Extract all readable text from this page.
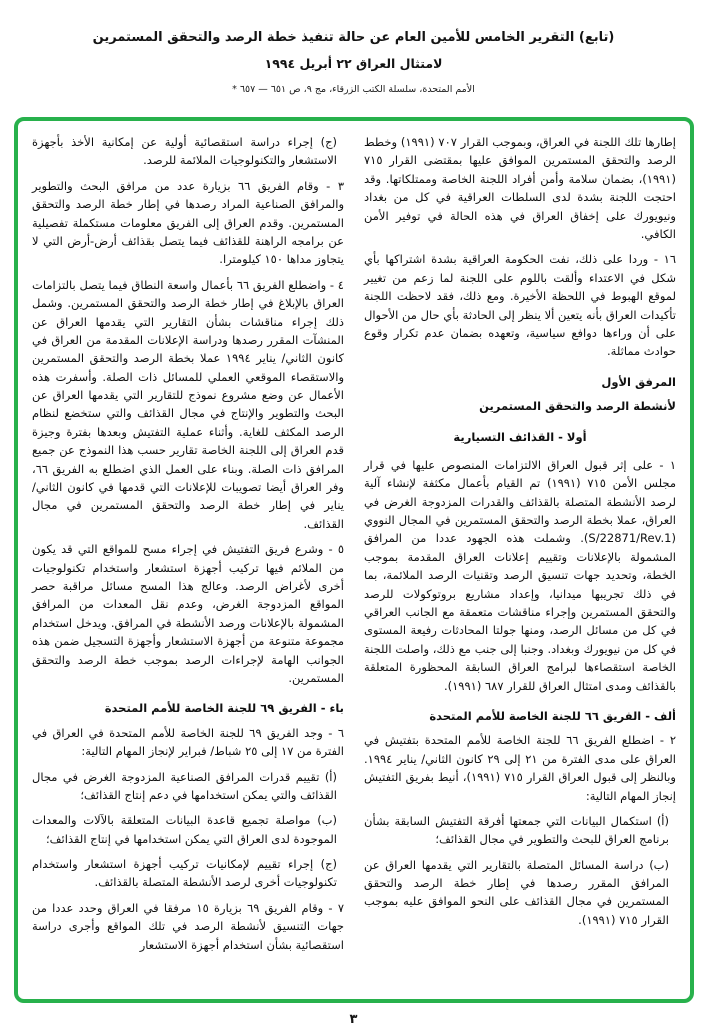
(تابع) التقرير الخامس للأمين العام عن حالة تنفيذ خطة الرصد والتحقق المستمرين
لامتثال العراق ٢٢ أبريل ١٩٩٤
الأمم المتحدة، سلسلة الكتب الزرقاء، مج ٩، ص ٦٥١ — ٦٥٧ *

إطارها تلك اللجنة في العراق، وبموجب القرار ٧٠٧ (١٩٩١) وخطط الرصد والتحقق المستمرين الموافق عليها بمقتضى القرار ٧١٥ (١٩٩١)، بضمان سلامة وأمن أفراد اللجنة الخاصة وممتلكاتها. وقد احتجت اللجنة بشدة لدى السلطات العراقية في كل من بغداد ونيويورك على إخفاق العراق في هذه الحالة في توفير الأمن الكافي.

١٦ - وردا على ذلك، نفت الحكومة العراقية بشدة اشتراكها بأي شكل في الاعتداء وألقت باللوم على اللجنة لما زعم من تغيير لموقع الهبوط في اللحظة الأخيرة. ومع ذلك، فقد لاحظت اللجنة تأكيدات العراق بأنه يتعين ألا ينظر إلى الحادثة بأي حال من الأحوال على أن وراءها دوافع سياسية، وتعهده بضمان عدم تكرار وقوع حوادث مماثلة.

المرفق الأول

لأنشطة الرصد والتحقق المستمرين

أولا - القذائف التسيارية

١ - على إثر قبول العراق الالتزامات المنصوص عليها في قرار مجلس الأمن ٧١٥ (١٩٩١) تم القيام بأعمال مكثفة لإنشاء آلية لرصد الأنشطة المتصلة بالقذائف والقدرات المزدوجة الغرض في العراق، عملا بخطة الرصد والتحقق المستمرين في المجال النووي (S/22871/Rev.1). وشملت هذه الجهود عددا من المرافق المشمولة بالإعلانات وتقييم إعلانات العراق المقدمة بموجب الخطة، وتحديد جهات تنسيق الرصد وتقنيات الرصد الملائمة، بما في ذلك تجريبها ميدانيا، وإعداد مشاريع بروتوكولات للرصد والتحقق المستمرين وإجراء مناقشات متعمقة مع الجانب العراقي في كل من مسائل الرصد، ومنها جولتا المحادثات رفيعة المستوى في كل من نيويورك وبغداد. وجنبا إلى جنب مع ذلك، واصلت اللجنة الخاصة استقصاءها لبرامج العراق السابقة المحظورة المتعلقة بالقذائف ومدى امتثال العراق للقرار ٦٨٧ (١٩٩١).

ألف - الفريق ٦٦ للجنة الخاصة للأمم المتحدة

٢ - اضطلع الفريق ٦٦ للجنة الخاصة للأمم المتحدة بتفتيش في العراق على مدى الفترة من ٢١ إلى ٢٩ كانون الثاني/ يناير ١٩٩٤. وبالنظر إلى قبول العراق القرار ٧١٥ (١٩٩١)، أنيط بفريق التفتيش إنجاز المهام التالية:

(أ) استكمال البيانات التي جمعتها أفرقة التفتيش السابقة بشأن برنامج العراق للبحث والتطوير في مجال القذائف؛

(ب) دراسة المسائل المتصلة بالتقارير التي يقدمها العراق عن المرافق المقرر رصدها في إطار خطة الرصد والتحقق المستمرين في مجال القذائف على النحو الموافق عليه بموجب القرار ٧١٥ (١٩٩١).

(ج) إجراء دراسة استقصائية أولية عن إمكانية الأخذ بأجهزة الاستشعار والتكنولوجيات الملائمة للرصد.

٣ - وقام الفريق ٦٦ بزيارة عدد من مرافق البحث والتطوير والمرافق الصناعية المراد رصدها في إطار خطة الرصد والتحقق المستمرين. وقدم العراق إلى الفريق معلومات مستكملة تفصيلية عن برامجه الراهنة للقذائف فيما يتصل بقذائف أرض-أرض التي لا يتجاوز مداها ١٥٠ كيلومترا.

٤ - واضطلع الفريق ٦٦ بأعمال واسعة النطاق فيما يتصل بالتزامات العراق بالإبلاغ في إطار خطة الرصد والتحقق المستمرين. وشمل ذلك إجراء مناقشات بشأن التقارير التي يقدمها العراق عن المنشآت المقرر رصدها ودراسة الإعلانات المقدمة من العراق في كانون الثاني/ يناير ١٩٩٤ عملا بخطة الرصد والتحقق المستمرين والاستقصاء الموقعي العملي للمسائل ذات الصلة. وأسفرت هذه الأعمال عن وضع مشروع نموذج للتقارير التي يقدمها العراق عن البحث والتطوير والإنتاج في مجال القذائف والتي ستخضع لنظام الرصد المكثف للغاية. وأثناء عملية التفتيش وبعدها بفترة وجيزة قدم العراق إلى اللجنة الخاصة تقارير حسب هذا النموذج عن جميع المرافق ذات الصلة. وبناء على العمل الذي اضطلع به الفريق ٦٦، وفر العراق أيضا تصويبات للإعلانات التي قدمها في كانون الثاني/ يناير في إطار خطة الرصد والتحقق المستمرين في مجال القذائف.

٥ - وشرع فريق التفتيش في إجراء مسح للمواقع التي قد يكون من الملائم فيها تركيب أجهزة استشعار واستخدام تكنولوجيات أخرى لأغراض الرصد. وعالج هذا المسح مسائل مراقبة حصر المواقع المزدوجة الغرض، وعدم نقل المعدات من المرافق المشمولة بالإعلانات ورصد الأنشطة في المرافق. ويدخل استخدام مجموعة متنوعة من أجهزة الاستشعار وأجهزة التسجيل ضمن هذه الجوانب الهامة لإجراءات الرصد بموجب خطة الرصد والتحقق المستمرين.

باء - الفريق ٦٩ للجنة الخاصة للأمم المتحدة

٦ - وجد الفريق ٦٩ للجنة الخاصة للأمم المتحدة في العراق في الفترة من ١٧ إلى ٢٥ شباط/ فبراير لإنجاز المهام التالية:

(أ) تقييم قدرات المرافق الصناعية المزدوجة الغرض في مجال القذائف والتي يمكن استخدامها في دعم إنتاج القذائف؛

(ب) مواصلة تجميع قاعدة البيانات المتعلقة بالآلات والمعدات الموجودة لدى العراق التي يمكن استخدامها في إنتاج القذائف؛

(ج) إجراء تقييم لإمكانيات تركيب أجهزة استشعار واستخدام تكنولوجيات أخرى لرصد الأنشطة المتصلة بالقذائف.

٧ - وقام الفريق ٦٩ بزيارة ١٥ مرفقا في العراق وحدد عددا من جهات التنسيق لأنشطة الرصد في تلك المواقع وأجرى دراسة استقصائية بشأن استخدام أجهزة الاستشعار

٣
